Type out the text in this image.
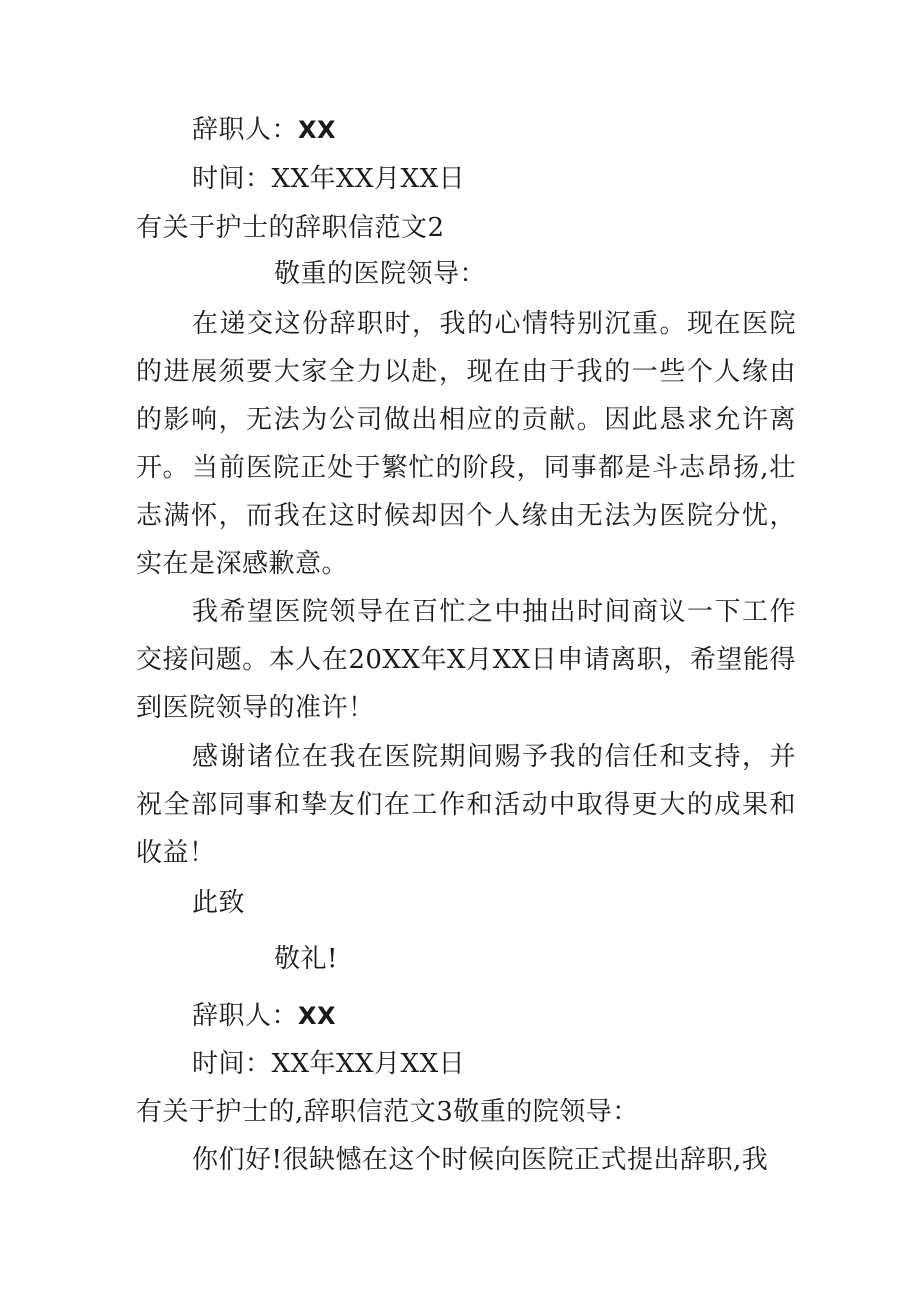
辞职人：XX
时间：XX年XX月XX日
有关于护士的辞职信范文2
敬重的医院领导：
在递交这份辞职时，我的心情特别沉重。现在医院的进展须要大家全力以赴，现在由于我的一些个人缘由的影响，无法为公司做出相应的贡献。因此恳求允许离开。 当前医院正处于繁忙的阶段，同事都是斗志昂扬,壮志满怀，而我在这时候却因个人缘由无法为医院分忧，实在是深感歉意。
我希望医院领导在百忙之中抽出时间商议一下工作交接问题。本人在20XX年X月XX日申请离职，希望能得到医院领导的准许！
感谢诸位在我在医院期间赐予我的信任和支持，并祝全部同事和挚友们在工作和活动中取得更大的成果和收益！
此致
敬礼!
辞职人：XX
时间：XX年XX月XX日
有关于护士的,辞职信范文3敬重的院领导：
你们好!很缺憾在这个时候向医院正式提出辞职,我
